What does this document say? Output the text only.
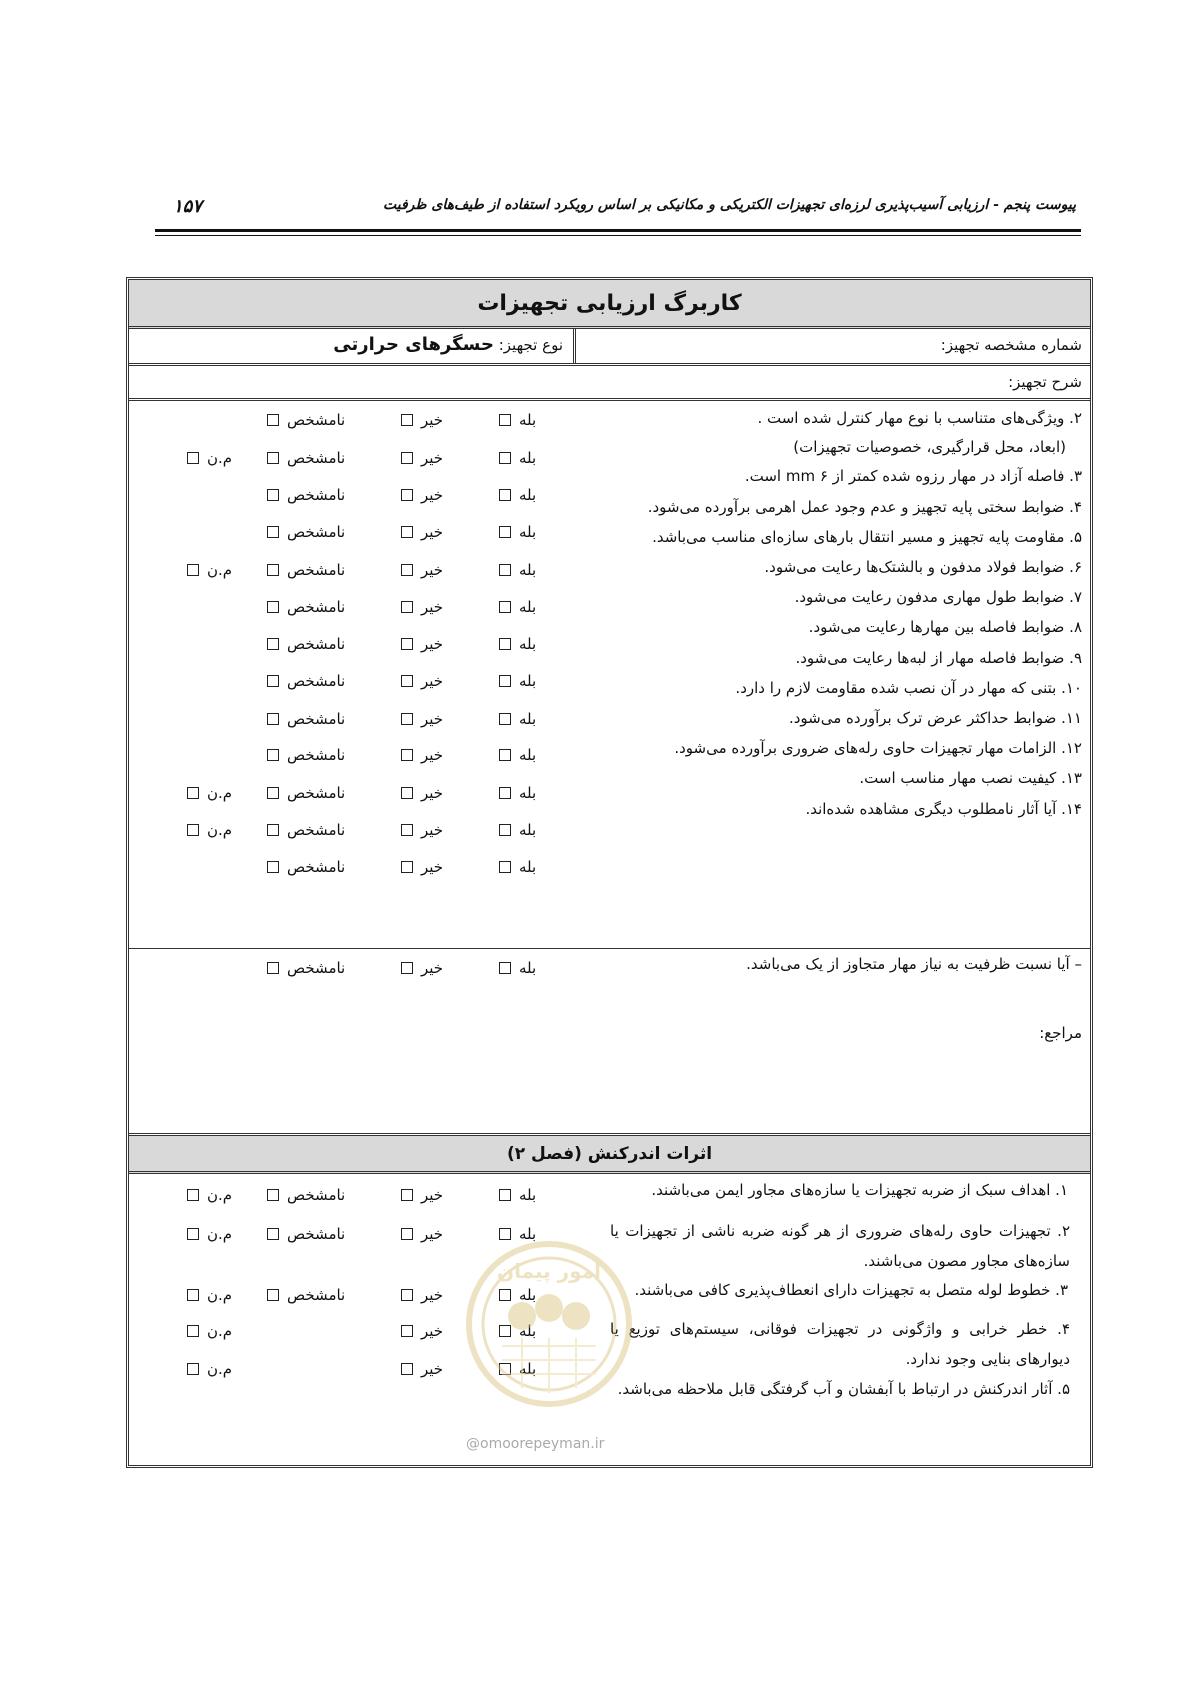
پیوست پنجم - ارزیابی آسیب‌پذیری لرزه‌ای تجهیزات الکتریکی و مکانیکی بر اساس رویکرد استفاده از طیف‌های ظرفیت
۱۵۷
کاربرگ ارزیابی تجهیزات
شماره مشخصه تجهیز:
نوع تجهیز: حسگرهای حرارتی
شرح تجهیز:
۲. ویژگی‌های متناسب با نوع مهار کنترل شده است .
(ابعاد، محل قرارگیری، خصوصیات تجهیزات)
۳. فاصله آزاد در مهار رزوه شده کمتر از mm ۶ است.
۴. ضوابط سختی پایه تجهیز و عدم وجود عمل اهرمی برآورده می‌شود.
۵. مقاومت پایه تجهیز و مسیر انتقال بارهای سازه‌ای مناسب می‌باشد.
۶. ضوابط فولاد مدفون و بالشتک‌ها رعایت می‌شود.
۷. ضوابط طول مهاری مدفون رعایت می‌شود.
۸. ضوابط فاصله بین مهارها رعایت می‌شود.
۹. ضوابط فاصله مهار از لبه‌ها رعایت می‌شود.
۱۰. بتنی که مهار در آن نصب شده مقاومت لازم را دارد.
۱۱. ضوابط حداکثر عرض ترک برآورده می‌شود.
۱۲. الزامات مهار تجهیزات حاوی رله‌های ضروری برآورده می‌شود.
۱۳. کیفیت نصب مهار مناسب است.
۱۴. آیا آثار نامطلوب دیگری مشاهده شده‌اند.
بله
خیر
نامشخص
بله
خیر
نامشخص
م.ن
بله
خیر
نامشخص
بله
خیر
نامشخص
بله
خیر
نامشخص
م.ن
بله
خیر
نامشخص
بله
خیر
نامشخص
بله
خیر
نامشخص
بله
خیر
نامشخص
بله
خیر
نامشخص
بله
خیر
نامشخص
م.ن
بله
خیر
نامشخص
م.ن
بله
خیر
نامشخص
– آیا نسبت ظرفیت به نیاز مهار متجاوز از یک می‌باشد.
بله
خیر
نامشخص
مراجع:
اثرات اندرکنش (فصل ۲)
۱. اهداف سبک از ضربه تجهیزات یا سازه‌های مجاور ایمن می‌باشند.
۲. تجهیزات حاوی رله‌های ضروری از هر گونه ضربه ناشی از تجهیزات یا سازه‌های مجاور مصون می‌باشند.
۳. خطوط لوله متصل به تجهیزات دارای انعطاف‌پذیری کافی می‌باشند.
۴. خطر خرابی و واژگونی در تجهیزات فوقانی، سیستم‌های توزیع یا دیوارهای بنایی وجود ندارد.
۵. آثار اندرکنش در ارتباط با آبفشان و آب گرفتگی قابل ملاحظه می‌باشد.
بله
خیر
نامشخص
م.ن
بله
خیر
نامشخص
م.ن
بله
خیر
نامشخص
م.ن
بله
خیر
م.ن
بله
خیر
م.ن
امور پیمان
@omoorepeyman.ir
